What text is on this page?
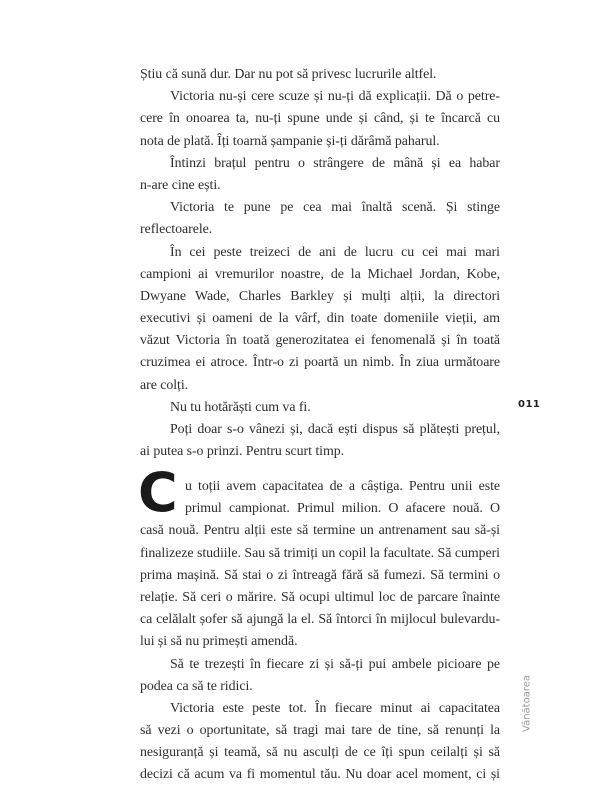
Știu că sună dur. Dar nu pot să privesc lucrurile altfel.
Victoria nu-și cere scuze și nu-ți dă explicații. Dă o petre-
cere în onoarea ta, nu-ți spune unde și când, și te încarcă cu
nota de plată. Îți toarnă șampanie și-ți dărâmă paharul.
Întinzi brațul pentru o strângere de mână și ea habar
n-are cine ești.
Victoria te pune pe cea mai înaltă scenă. Și stinge
reflectoarele.
În cei peste treizeci de ani de lucru cu cei mai mari
campioni ai vremurilor noastre, de la Michael Jordan, Kobe,
Dwyane Wade, Charles Barkley și mulți alții, la directori
executivi și oameni de la vârf, din toate domeniile vieții, am
văzut Victoria în toată generozitatea ei fenomenală și în toată
cruzimea ei atroce. Într-o zi poartă un nimb. În ziua următoare
are colți.
Nu tu hotărăști cum va fi.
Poți doar s-o vânezi și, dacă ești dispus să plătești prețul,
ai putea s-o prinzi. Pentru scurt timp.
C u toții avem capacitatea de a câștiga. Pentru unii este
primul campionat. Primul milion. O afacere nouă. O
casă nouă. Pentru alții este să termine un antrenament sau să-și
finalizeze studiile. Sau să trimiți un copil la facultate. Să cumperi
prima mașină. Să stai o zi întreagă fără să fumezi. Să termini o
relație. Să ceri o mărire. Să ocupi ultimul loc de parcare înainte
ca celălalt șofer să ajungă la el. Să întorci în mijlocul bulevardu-
lui și să nu primești amendă.
Să te trezești în fiecare zi și să-ți pui ambele picioare pe
podea ca să te ridici.
Victoria este peste tot. În fiecare minut ai capacitatea
să vezi o oportunitate, să tragi mai tare de tine, să renunți la
nesiguranță și teamă, să nu asculți de ce îți spun ceilalți și să
decizi că acum va fi momentul tău. Nu doar acel moment, ci și
011
Vânătoarea
